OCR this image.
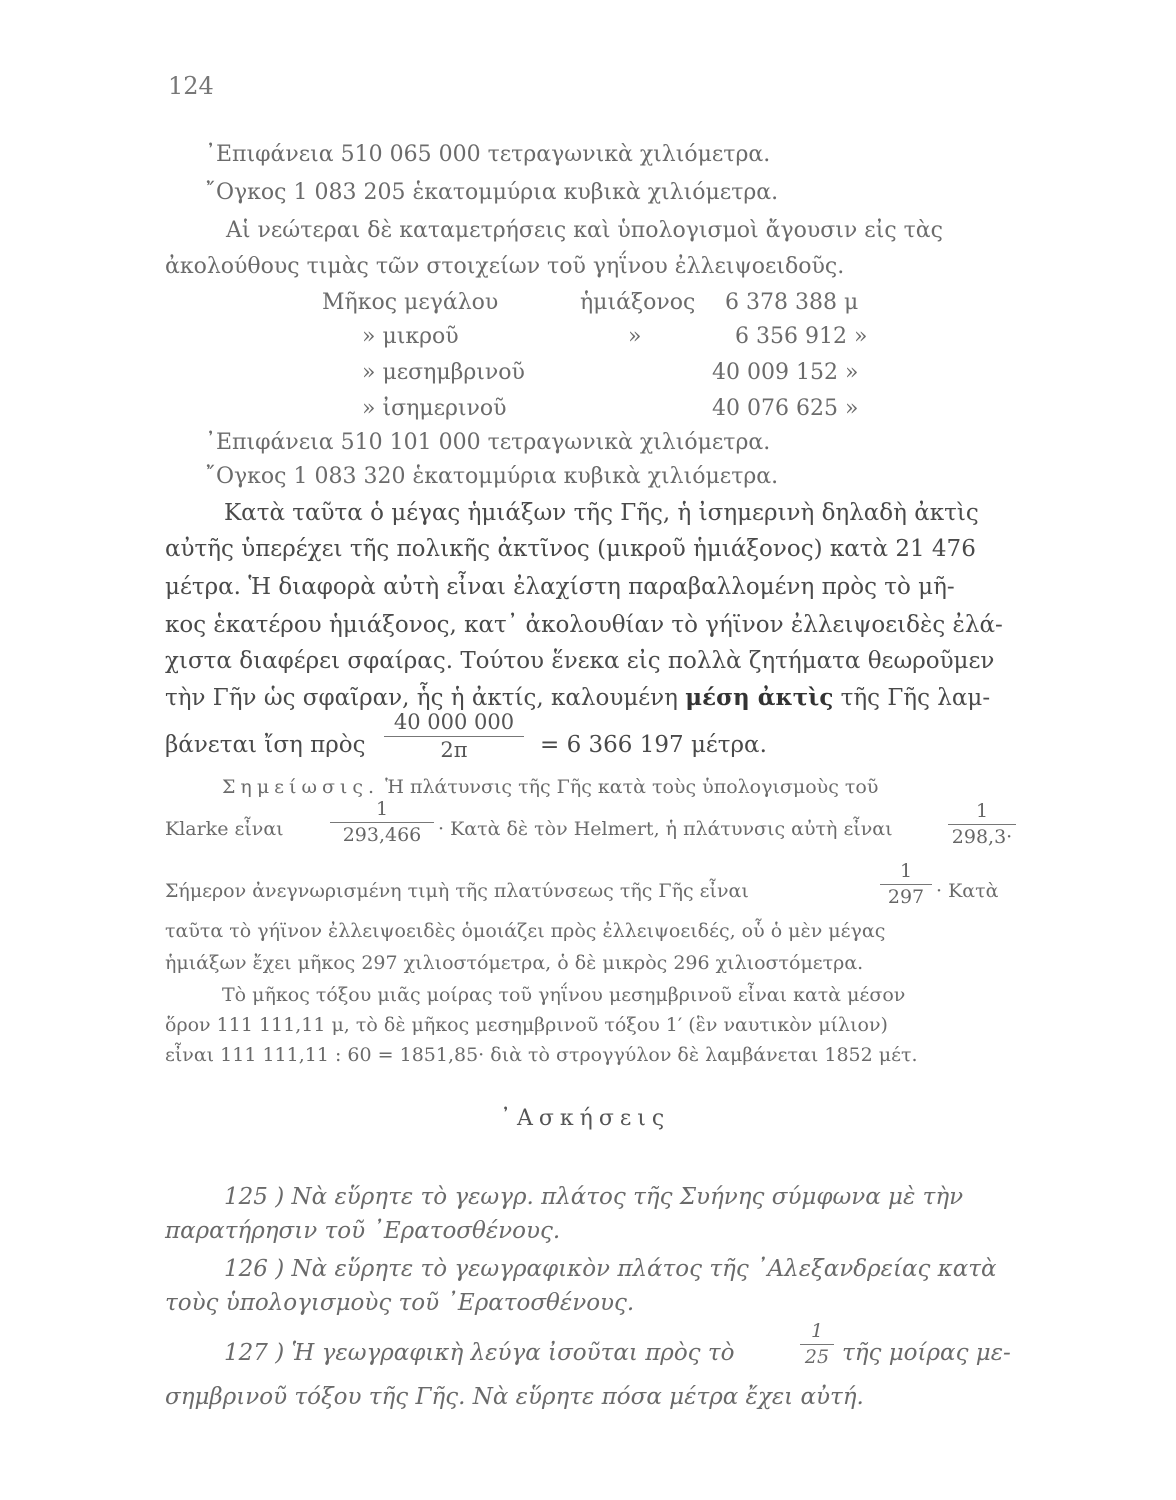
124
᾿Επιφάνεια 510 065 000 τετραγωνικὰ χιλιόμετρα.
῎Ογκος 1 083 205 ἑκατομμύρια κυβικὰ χιλιόμετρα.
Αἱ νεώτεραι δὲ καταμετρήσεις καὶ ὑπολογισμοὶ ἄγουσιν εἰς τὰς
ἀκολούθους τιμὰς τῶν στοιχείων τοῦ γηΐνου ἐλλειψοειδοῦς.
Μῆκος μεγάλου	ἡμιάξονος 6 378 388 μ
» μικροῦ	»	6 356 912 »
» μεσημβρινοῦ	40 009 152 »
» ἰσημερινοῦ	40 076 625 »
᾿Επιφάνεια 510 101 000 τετραγωνικὰ χιλιόμετρα.
῎Ογκος 1 083 320 ἑκατομμύρια κυβικὰ χιλιόμετρα.
Κατὰ ταῦτα ὁ μέγας ἡμιάξων τῆς Γῆς, ἡ ἰσημερινὴ δηλαδὴ ἀκτὶς
αὐτῆς ὑπερέχει τῆς πολικῆς ἀκτῖνος (μικροῦ ἡμιάξονος) κατὰ 21 476
μέτρα. Ἡ διαφορὰ αὐτὴ εἶναι ἐλαχίστη παραβαλλομένη πρὸς τὸ μῆ-
κος ἑκατέρου ἡμιάξονος, κατ᾿ ἀκολουθίαν τὸ γήϊνον ἐλλειψοειδὲς ἐλά-
χιστα διαφέρει σφαίρας. Τούτου ἕνεκα εἰς πολλὰ ζητήματα θεωροῦμεν
τὴν Γῆν ὡς σφαῖραν, ἧς ἡ ἀκτίς, καλουμένη μέση ἀκτὶς τῆς Γῆς λαμ-
βάνεται ἴση πρὸς
40 000 000
2π	= 6 366 197 μέτρα.
Σημείωσις. Ἡ πλάτυνσις τῆς Γῆς κατὰ τοὺς ὑπολογισμοὺς τοῦ
Klarke εἶναι
1
293,466 · Κατὰ δὲ τὸν Helmert, ἡ πλάτυνσις αὐτὴ εἶναι
1
298,3·
Σήμερον ἀνεγνωρισμένη τιμὴ τῆς πλατύνσεως τῆς Γῆς εἶναι
1
297 · Κατὰ
ταῦτα τὸ γήϊνον ἐλλειψοειδὲς ὁμοιάζει πρὸς ἐλλειψοειδές, οὗ ὁ μὲν μέγας
ἡμιάξων ἔχει μῆκος 297 χιλιοστόμετρα, ὁ δὲ μικρὸς 296 χιλιοστόμετρα.
Τὸ μῆκος τόξου μιᾶς μοίρας τοῦ γηΐνου μεσημβρινοῦ εἶναι κατὰ μέσον
ὅρον 111 111,11 μ, τὸ δὲ μῆκος μεσημβρινοῦ τόξου 1′ (ἓν ναυτικὸν μίλιον)
εἶναι 111 111,11 : 60 = 1851,85· διὰ τὸ στρογγύλον δὲ λαμβάνεται 1852 μέτ.
᾿Ασκήσεις
125 ) Νὰ εὕρητε τὸ γεωγρ. πλάτος τῆς Συήνης σύμφωνα μὲ τὴν
παρατήρησιν τοῦ ᾿Ερατοσθένους.
126 ) Νὰ εὕρητε τὸ γεωγραφικὸν πλάτος τῆς ᾿Αλεξανδρείας κατὰ
τοὺς ὑπολογισμοὺς τοῦ ᾿Ερατοσθένους.
127 ) Ἡ γεωγραφικὴ λεύγα ἰσοῦται πρὸς τὸ
1
25 τῆς μοίρας με-
σημβρινοῦ τόξου τῆς Γῆς. Νὰ εὕρητε πόσα μέτρα ἔχει αὐτή.
